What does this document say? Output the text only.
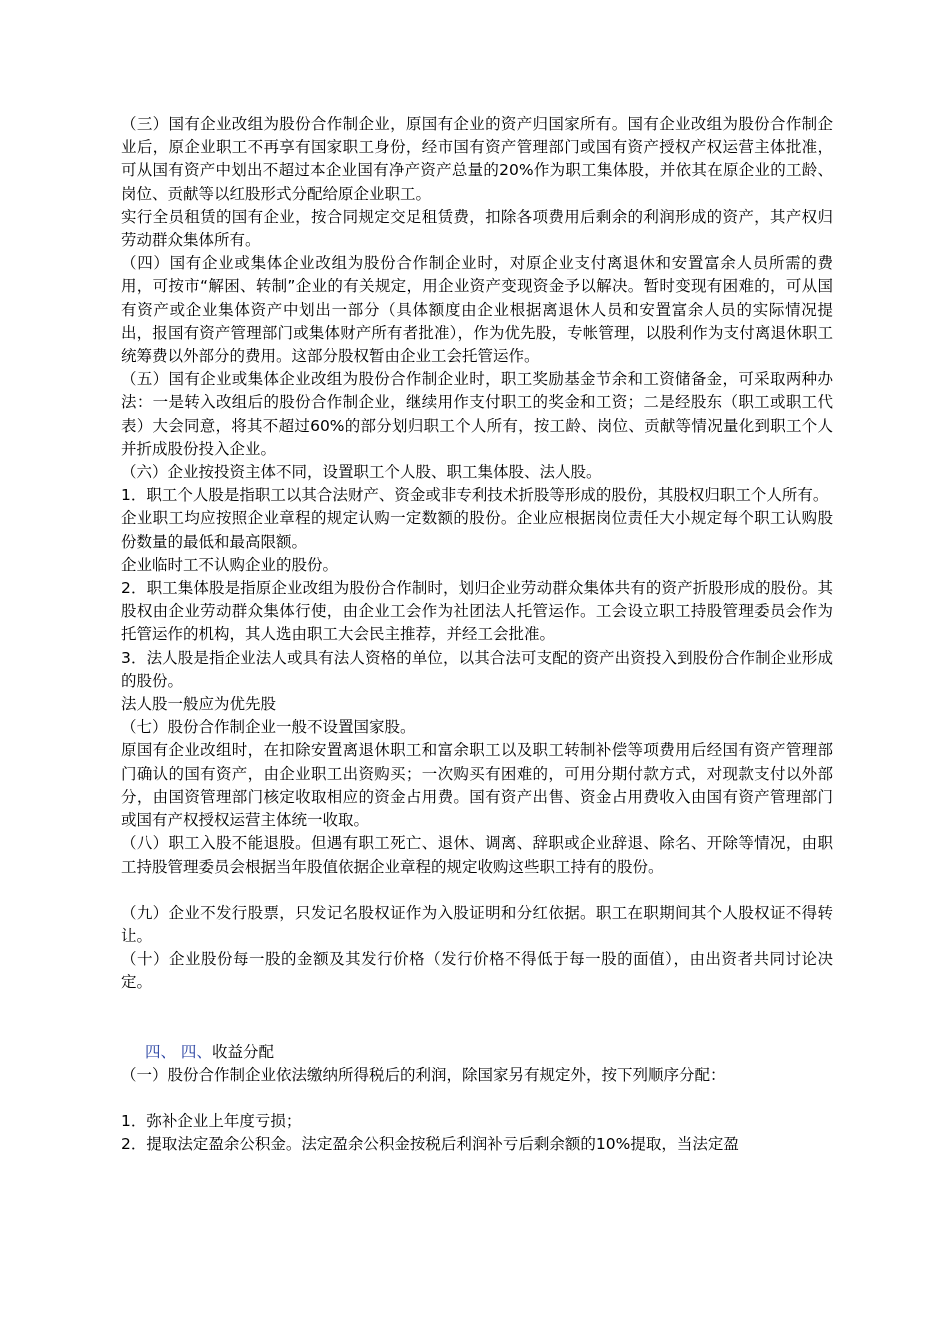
（三）国有企业改组为股份合作制企业，原国有企业的资产归国家所有。国有企业改组为股份合作制企业后，原企业职工不再享有国家职工身份，经市国有资产管理部门或国有资产授权产权运营主体批准，可从国有资产中划出不超过本企业国有净产资产总量的20%作为职工集体股，并依其在原企业的工龄、岗位、贡献等以红股形式分配给原企业职工。

实行全员租赁的国有企业，按合同规定交足租赁费，扣除各项费用后剩余的利润形成的资产，其产权归劳动群众集体所有。

（四）国有企业或集体企业改组为股份合作制企业时，对原企业支付离退休和安置富余人员所需的费用，可按市“解困、转制”企业的有关规定，用企业资产变现资金予以解决。暂时变现有困难的，可从国有资产或企业集体资产中划出一部分（具体额度由企业根据离退休人员和安置富余人员的实际情况提出，报国有资产管理部门或集体财产所有者批准），作为优先股，专帐管理，以股利作为支付离退休职工统筹费以外部分的费用。这部分股权暂由企业工会托管运作。

（五）国有企业或集体企业改组为股份合作制企业时，职工奖励基金节余和工资储备金，可采取两种办法：一是转入改组后的股份合作制企业，继续用作支付职工的奖金和工资；二是经股东（职工或职工代表）大会同意，将其不超过60%的部分划归职工个人所有，按工龄、岗位、贡献等情况量化到职工个人并折成股份投入企业。

（六）企业按投资主体不同，设置职工个人股、职工集体股、法人股。

1．职工个人股是指职工以其合法财产、资金或非专利技术折股等形成的股份，其股权归职工个人所有。

企业职工均应按照企业章程的规定认购一定数额的股份。企业应根据岗位责任大小规定每个职工认购股份数量的最低和最高限额。

企业临时工不认购企业的股份。

2．职工集体股是指原企业改组为股份合作制时，划归企业劳动群众集体共有的资产折股形成的股份。其股权由企业劳动群众集体行使，由企业工会作为社团法人托管运作。工会设立职工持股管理委员会作为托管运作的机构，其人选由职工大会民主推荐，并经工会批准。

3．法人股是指企业法人或具有法人资格的单位，以其合法可支配的资产出资投入到股份合作制企业形成的股份。

法人股一般应为优先股

（七）股份合作制企业一般不设置国家股。

原国有企业改组时，在扣除安置离退休职工和富余职工以及职工转制补偿等项费用后经国有资产管理部门确认的国有资产，由企业职工出资购买；一次购买有困难的，可用分期付款方式，对现款支付以外部分，由国资管理部门核定收取相应的资金占用费。国有资产出售、资金占用费收入由国有资产管理部门或国有产权授权运营主体统一收取。

（八）职工入股不能退股。但遇有职工死亡、退休、调离、辞职或企业辞退、除名、开除等情况，由职工持股管理委员会根据当年股值依据企业章程的规定收购这些职工持有的股份。

（九）企业不发行股票，只发记名股权证作为入股证明和分红依据。职工在职期间其个人股权证不得转让。

（十）企业股份每一股的金额及其发行价格（发行价格不得低于每一股的面值），由出资者共同讨论决定。

四、 四、收益分配

（一）股份合作制企业依法缴纳所得税后的利润，除国家另有规定外，按下列顺序分配：

1．弥补企业上年度亏损；

2．提取法定盈余公积金。法定盈余公积金按税后利润补亏后剩余额的10%提取，当法定盈
